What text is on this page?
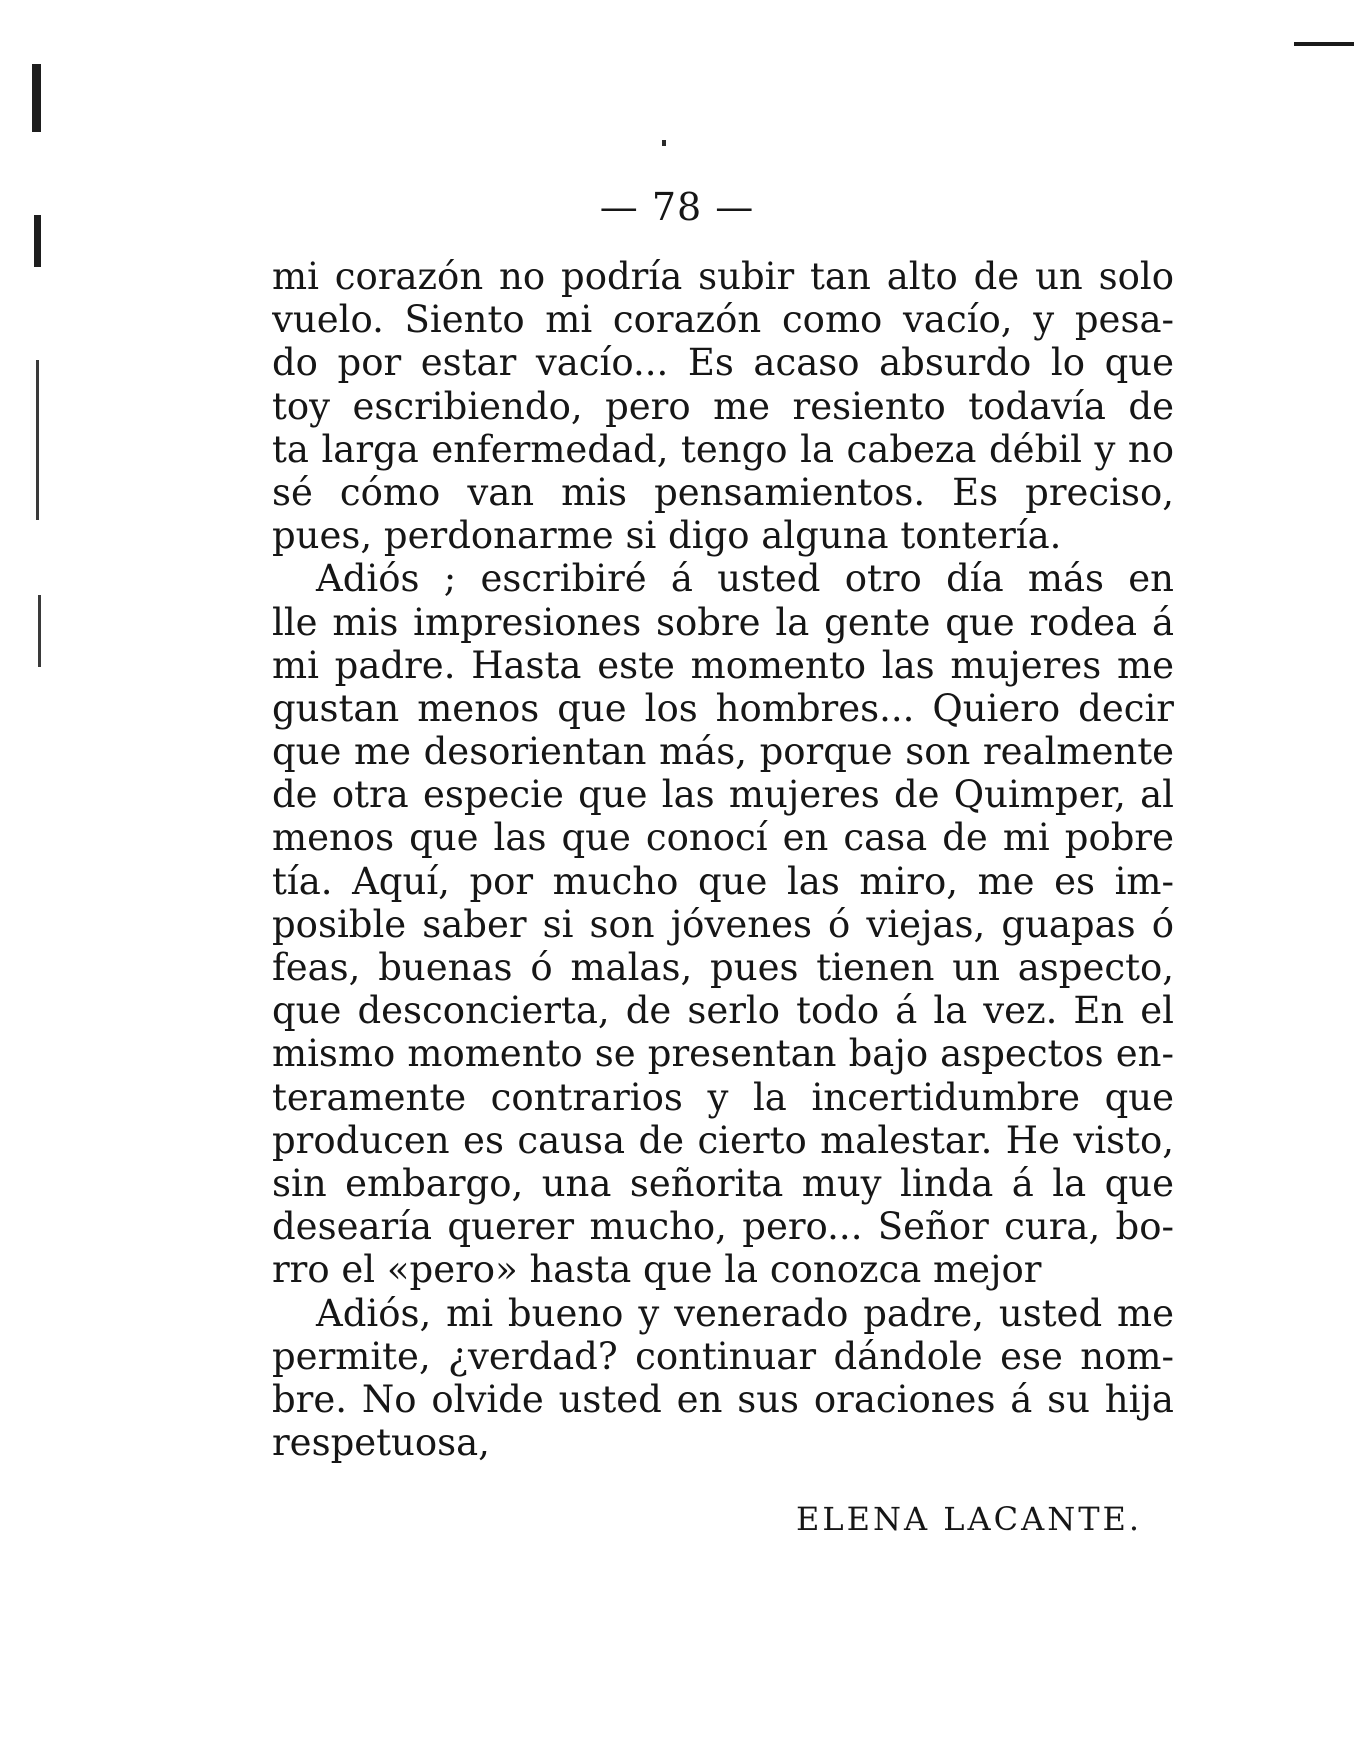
— 78 —
mi corazón no podría subir tan alto de un solo
vuelo. Siento mi corazón como vacío, y pesa-
do por estar vacío... Es acaso absurdo lo que
toy escribiendo, pero me resiento todavía de
ta larga enfermedad, tengo la cabeza débil y no
sé cómo van mis pensamientos. Es preciso,
pues, perdonarme si digo alguna tontería.
Adiós ; escribiré á usted otro día más en
lle mis impresiones sobre la gente que rodea á
mi padre. Hasta este momento las mujeres me
gustan menos que los hombres... Quiero decir
que me desorientan más, porque son realmente
de otra especie que las mujeres de Quimper, al
menos que las que conocí en casa de mi pobre
tía. Aquí, por mucho que las miro, me es im-
posible saber si son jóvenes ó viejas, guapas ó
feas, buenas ó malas, pues tienen un aspecto,
que desconcierta, de serlo todo á la vez. En el
mismo momento se presentan bajo aspectos en-
teramente contrarios y la incertidumbre que
producen es causa de cierto malestar. He visto,
sin embargo, una señorita muy linda á la que
desearía querer mucho, pero... Señor cura, bo-
rro el «pero» hasta que la conozca mejor
Adiós, mi bueno y venerado padre, usted me
permite, ¿verdad? continuar dándole ese nom-
bre. No olvide usted en sus oraciones á su hija
respetuosa,
ELENA LACANTE.
